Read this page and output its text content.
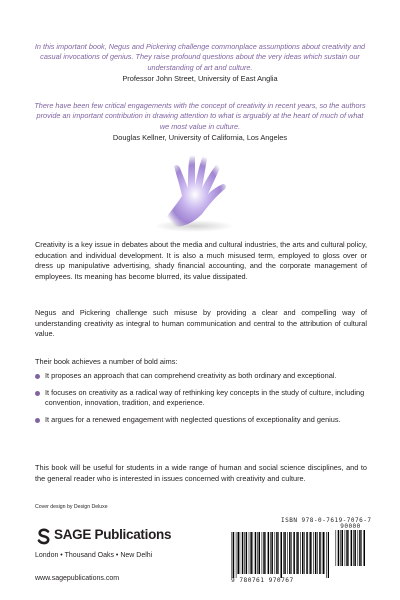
In this important book, Negus and Pickering challenge commonplace assumptions about creativity and casual invocations of genius. They raise profound questions about the very ideas which sustain our understanding of art and culture.
Professor John Street, University of East Anglia
There have been few critical engagements with the concept of creativity in recent years, so the authors provide an important contribution in drawing attention to what is arguably at the heart of much of what we most value in culture.
Douglas Kellner, University of California, Los Angeles
Creativity is a key issue in debates about the media and cultural industries, the arts and cultural policy, education and individual development. It is also a much misused term, employed to gloss over or dress up manipulative advertising, shady financial accounting, and the corporate management of employees. Its meaning has become blurred, its value dissipated.
Negus and Pickering challenge such misuse by providing a clear and compelling way of understanding creativity as integral to human communication and central to the attribution of cultural value.
Their book achieves a number of bold aims:
It proposes an approach that can comprehend creativity as both ordinary and exceptional.
It focuses on creativity as a radical way of rethinking key concepts in the study of culture, including convention, innovation, tradition, and experience.
It argues for a renewed engagement with neglected questions of exceptionality and genius.
This book will be useful for students in a wide range of human and social science disciplines, and to the general reader who is interested in issues concerned with creativity and culture.
Cover design by Design Deluxe
SAGE Publications
London • Thousand Oaks • New Delhi
www.sagepublications.com
ISBN 978-0-7619-7076-7
90000
9 780761 970767
